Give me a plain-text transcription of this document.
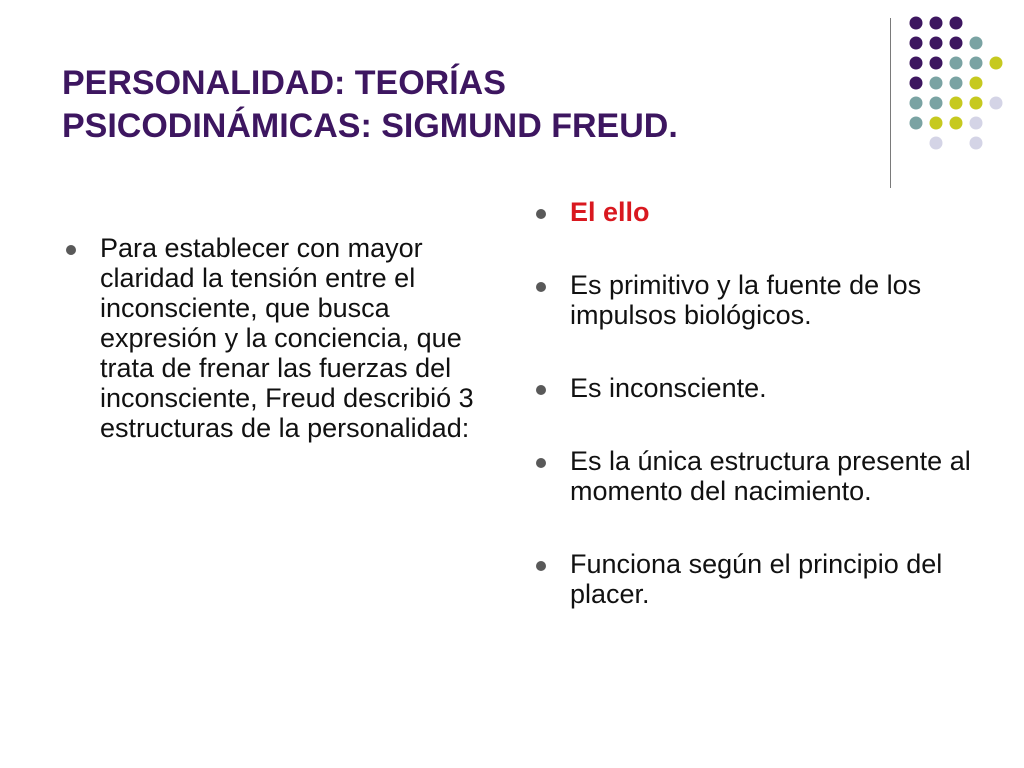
PERSONALIDAD: TEORÍAS
PSICODINÁMICAS: SIGMUND FREUD.
Para establecer con mayor claridad la tensión entre el inconsciente, que busca expresión y la conciencia, que trata de frenar las fuerzas del inconsciente, Freud describió 3 estructuras de la personalidad:
El ello
Es primitivo y la fuente de los impulsos biológicos.
Es inconsciente.
Es la única estructura presente al momento del nacimiento.
Funciona según el principio del placer.
